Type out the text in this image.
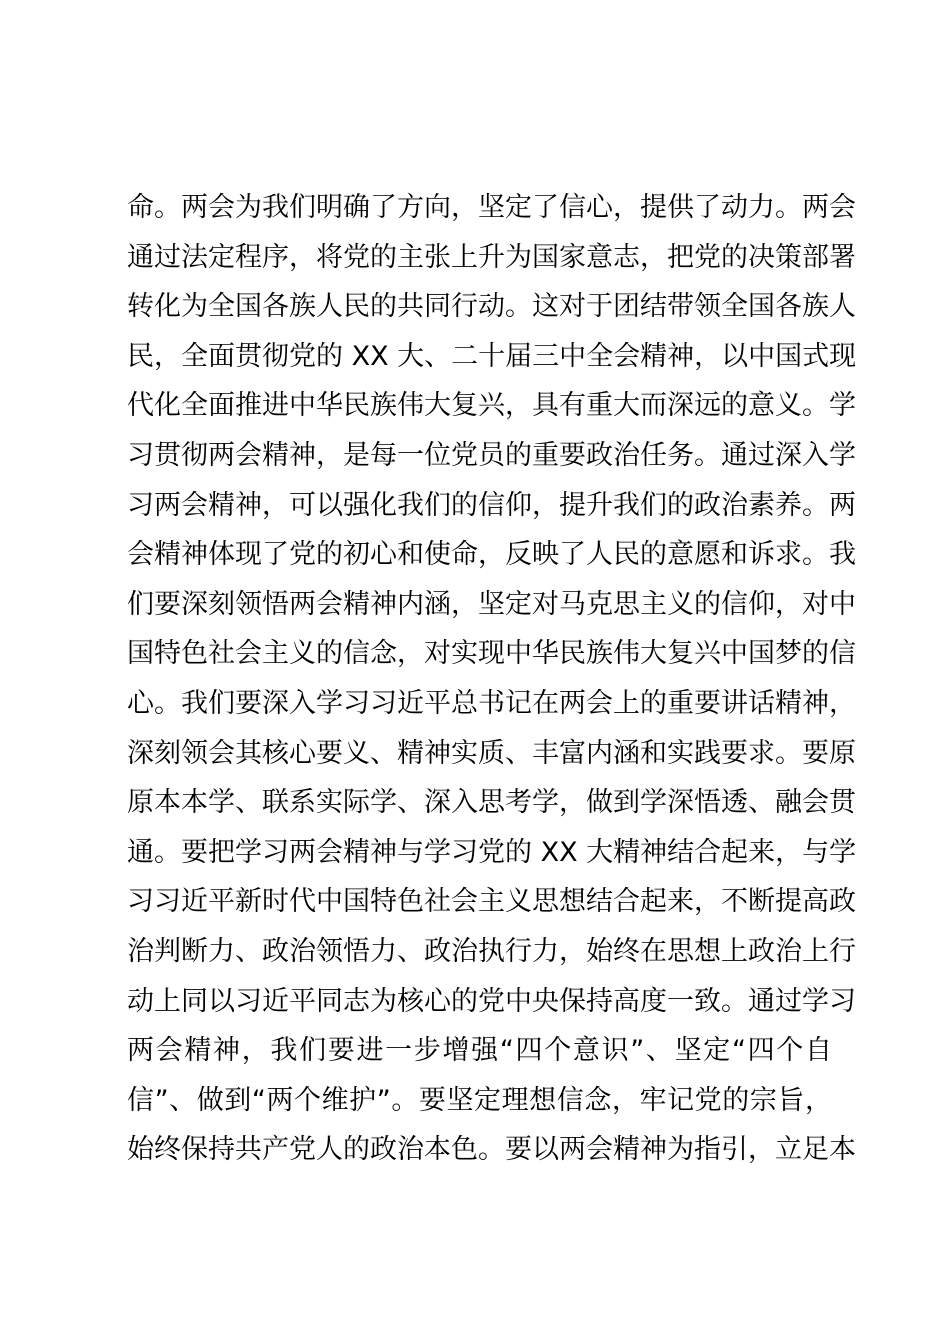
命。两会为我们明确了方向，坚定了信心，提供了动力。两会
通过法定程序，将党的主张上升为国家意志，把党的决策部署
转化为全国各族人民的共同行动。这对于团结带领全国各族人
民，全面贯彻党的 XX 大、二十届三中全会精神，以中国式现
代化全面推进中华民族伟大复兴，具有重大而深远的意义。学
习贯彻两会精神，是每一位党员的重要政治任务。通过深入学
习两会精神，可以强化我们的信仰，提升我们的政治素养。两
会精神体现了党的初心和使命，反映了人民的意愿和诉求。我
们要深刻领悟两会精神内涵，坚定对马克思主义的信仰，对中
国特色社会主义的信念，对实现中华民族伟大复兴中国梦的信
心。我们要深入学习习近平总书记在两会上的重要讲话精神，
深刻领会其核心要义、精神实质、丰富内涵和实践要求。要原
原本本学、联系实际学、深入思考学，做到学深悟透、融会贯
通。要把学习两会精神与学习党的 XX 大精神结合起来，与学
习习近平新时代中国特色社会主义思想结合起来，不断提高政
治判断力、政治领悟力、政治执行力，始终在思想上政治上行
动上同以习近平同志为核心的党中央保持高度一致。通过学习
两会精神，我们要进一步增强“四个意识”、坚定“四个自
信”、做到“两个维护”。要坚定理想信念，牢记党的宗旨，
始终保持共产党人的政治本色。要以两会精神为指引，立足本
